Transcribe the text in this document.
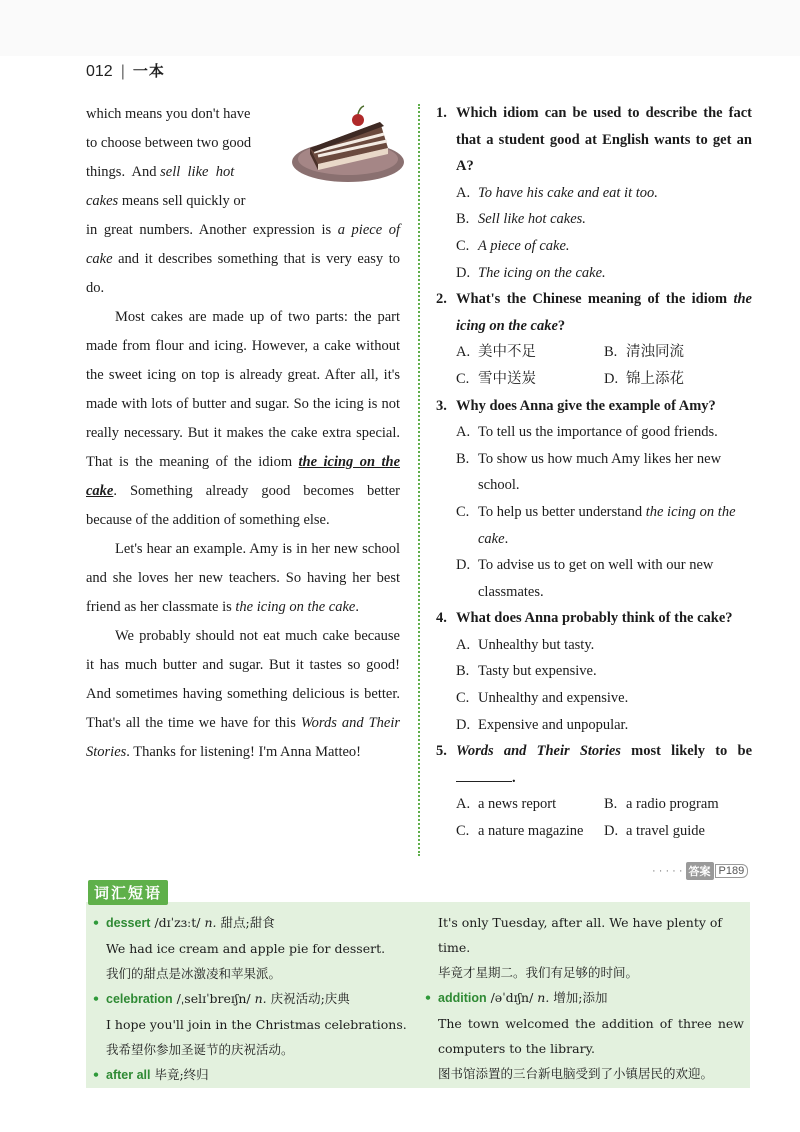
012 | 一本

which means you don't have

to choose between two good

things.  And sell  like  hot

cakes means sell quickly or

in great numbers. Another expression is a piece of cake and it describes something that is very easy to do.

Most cakes are made up of two parts: the part made from flour and icing. However, a cake without the sweet icing on top is already great. After all, it's made with lots of butter and sugar. So the icing is not really necessary. But it makes the cake extra special. That is the meaning of the idiom the icing on the cake. Something already good becomes better because of the addition of something else.

Let's hear an example. Amy is in her new school and she loves her new teachers. So having her best friend as her classmate is the icing on the cake.

We probably should not eat much cake because it has much butter and sugar. But it tastes so good! And sometimes having something delicious is better. That's all the time we have for this Words and Their Stories. Thanks for listening! I'm Anna Matteo!

1. Which idiom can be used to describe the fact that a student good at English wants to get an A?
A. To have his cake and eat it too.
B. Sell like hot cakes.
C. A piece of cake.
D. The icing on the cake.
2. What's the Chinese meaning of the idiom the icing on the cake?
A. 美中不足	B. 清浊同流
C. 雪中送炭	D. 锦上添花
3. Why does Anna give the example of Amy?
A. To tell us the importance of good friends.
B. To show us how much Amy likes her new school.
C. To help us better understand the icing on the cake.
D. To advise us to get on well with our new classmates.
4. What does Anna probably think of the cake?
A. Unhealthy but tasty.
B. Tasty but expensive.
C. Unhealthy and expensive.
D. Expensive and unpopular.
5. Words and Their Stories most likely to be .
A. a news report	B. a radio program
C. a nature magazine D. a travel guide
· · · · · 答案 P189
词汇短语
dessert /dɪˈzɜːt/ n. 甜点;甜食
We had ice cream and apple pie for dessert.
我们的甜点是冰激凌和苹果派。
celebration /ˌselɪˈbreɪʃn/ n. 庆祝活动;庆典
I hope you'll join in the Christmas celebrations.
我希望你参加圣诞节的庆祝活动。
after all 毕竟;终归
It's only Tuesday, after all. We have plenty of time.
毕竟才星期二。我们有足够的时间。
addition /əˈdɪʃn/ n. 增加;添加
The town welcomed the addition of three new
computers to the library.
图书馆添置的三台新电脑受到了小镇居民的欢迎。
